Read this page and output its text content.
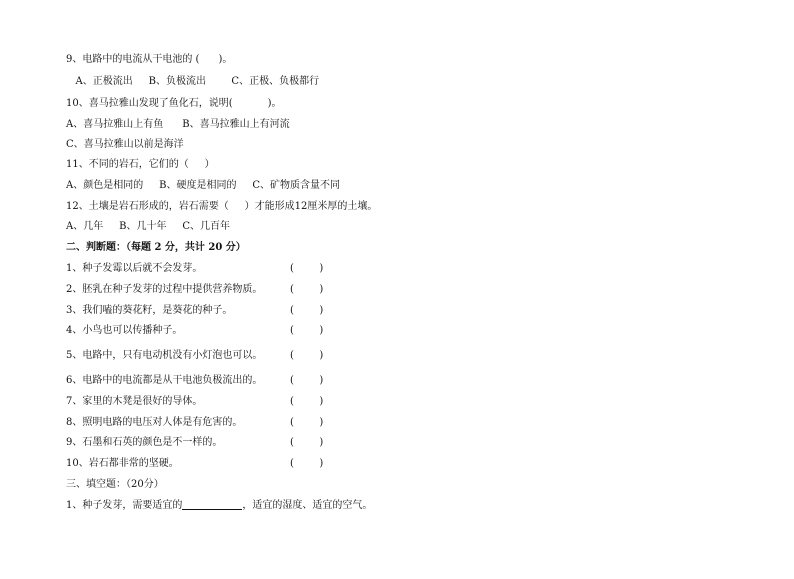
9、电路中的电流从干电池的 (      )。
A、正极流出     B、负极流出        C、正极、负极都行
10、喜马拉雅山发现了鱼化石，说明(           )。
A、喜马拉雅山上有鱼      B、喜马拉雅山上有河流
C、喜马拉雅山以前是海洋
11、不同的岩石，它们的（     ）
A、颜色是相同的     B、硬度是相同的     C、矿物质含量不同
12、土壤是岩石形成的，岩石需要（     ）才能形成12厘米厚的土壤。
A、几年     B、几十年     C、几百年
二、判断题：（每题 2 分，共计 20 分）
1、种子发霉以后就不会发芽。	(        )
2、胚乳在种子发芽的过程中提供营养物质。	(        )
3、我们嗑的葵花籽，是葵花的种子。	(        )
4、小鸟也可以传播种子。	(        )
5、电路中，只有电动机没有小灯泡也可以。	(        )
6、电路中的电流都是从干电池负极流出的。	(        )
7、家里的木凳是很好的导体。	(        )
8、照明电路的电压对人体是有危害的。	(        )
9、石墨和石英的颜色是不一样的。	(        )
10、岩石都非常的坚硬。	(        )
三、填空题：（20分）
1、种子发芽，需要适宜的	，适宜的湿度、适宜的空气。
